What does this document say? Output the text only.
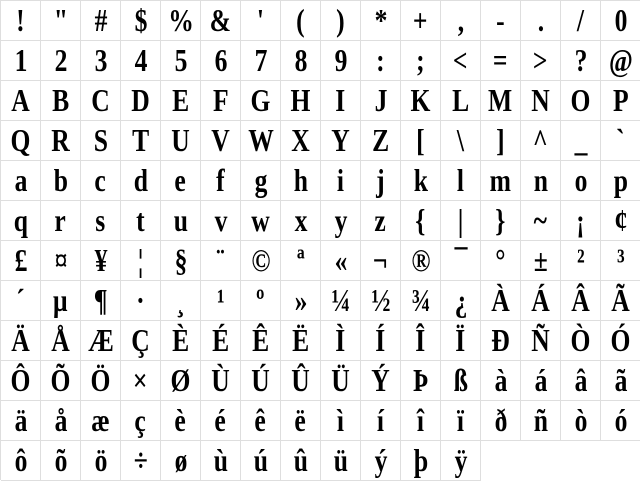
! " # $ % & '	( ) * + ,	-	.	/ 0
1 2 3 4 5 6 7 8 9 : ; < = > ? @
A B C D E F G H I J K L M N O P
Q R S T U V W X Y Z [	\	] ^ _ `
a b c d e f g h i	j k l m n o p
q r s t u v w x y z {	|	} ~ ¡ ¢
£ ¤ ¥ ¦ § ¨ © ª « ¬ ® ¯ ° ± ²	³
´ µ ¶ · ¸ ¹ º » ¼ ½ ¾ ¿ À Á Â Ã
Ä Å Æ Ç È É Ê Ë Ì Í Î Ï Ð Ñ Ò Ó
Ô Õ Ö × Ø Ù Ú Û Ü Ý Þ ß à á â ã
ä å æ ç è é ê ë ì	í	î	ï ð ñ ò ó
ô õ ö ÷ ø ù ú û ü ý þ ÿ
